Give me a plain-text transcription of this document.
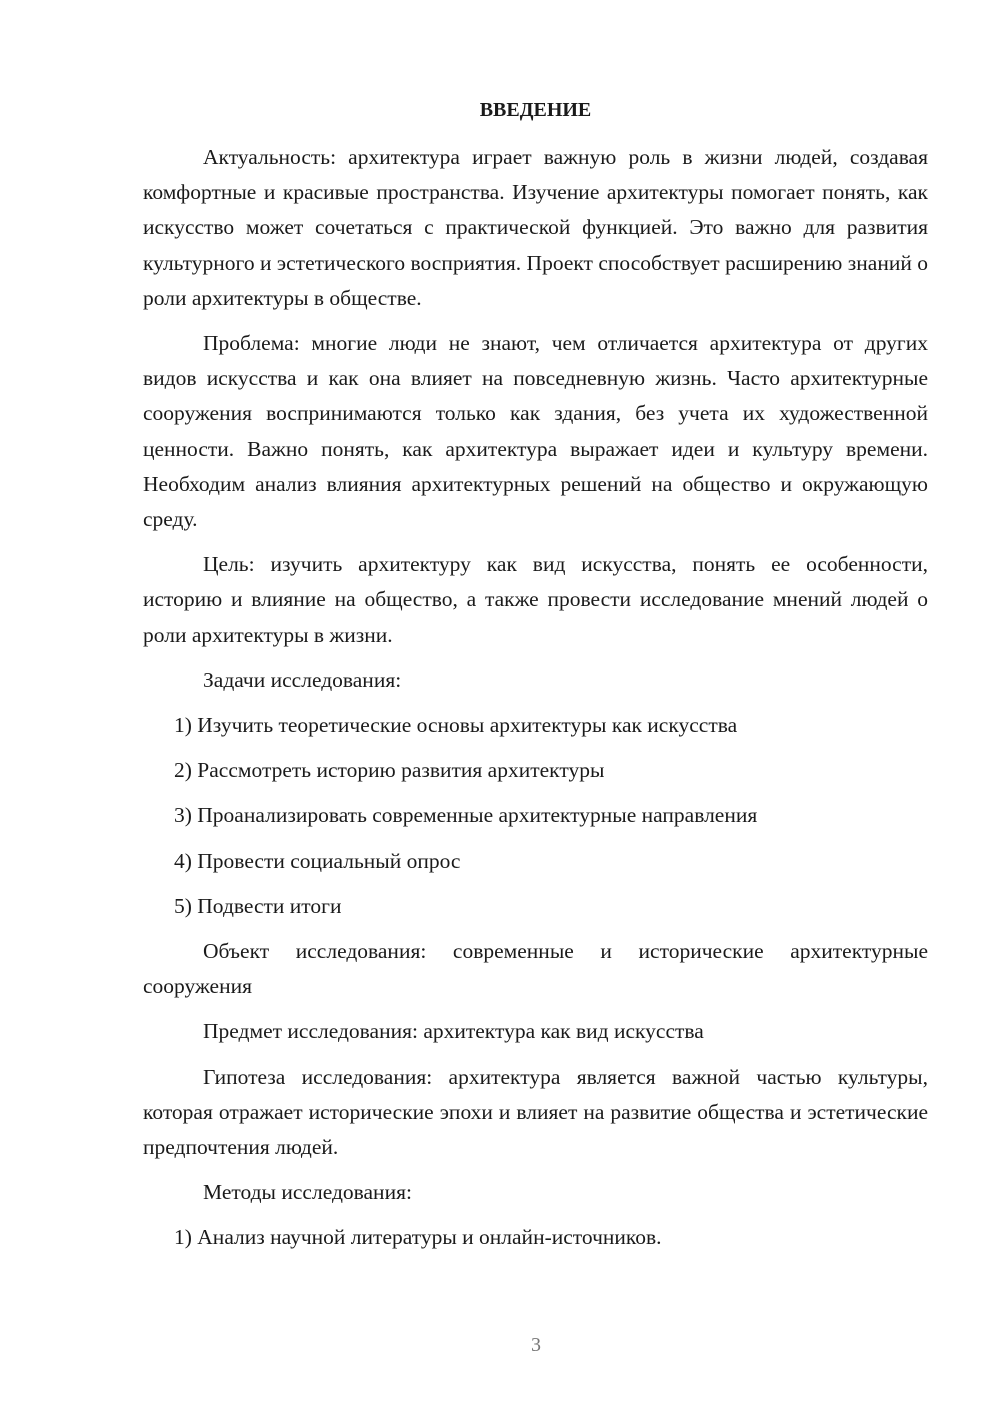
ВВЕДЕНИЕ
Актуальность: архитектура играет важную роль в жизни людей, создавая комфортные и красивые пространства. Изучение архитектуры помогает понять, как искусство может сочетаться с практической функцией. Это важно для развития культурного и эстетического восприятия. Проект способствует расширению знаний о роли архитектуры в обществе.
Проблема: многие люди не знают, чем отличается архитектура от других видов искусства и как она влияет на повседневную жизнь. Часто архитектурные сооружения воспринимаются только как здания, без учета их художественной ценности. Важно понять, как архитектура выражает идеи и культуру времени. Необходим анализ влияния архитектурных решений на общество и окружающую среду.
Цель: изучить архитектуру как вид искусства, понять ее особенности, историю и влияние на общество, а также провести исследование мнений людей о роли архитектуры в жизни.
Задачи исследования:
1) Изучить теоретические основы архитектуры как искусства
2) Рассмотреть историю развития архитектуры
3) Проанализировать современные архитектурные направления
4) Провести социальный опрос
5) Подвести итоги
Объект исследования: современные и исторические архитектурные сооружения
Предмет исследования: архитектура как вид искусства
Гипотеза исследования: архитектура является важной частью культуры, которая отражает исторические эпохи и влияет на развитие общества и эстетические предпочтения людей.
Методы исследования:
1) Анализ научной литературы и онлайн-источников.
3
